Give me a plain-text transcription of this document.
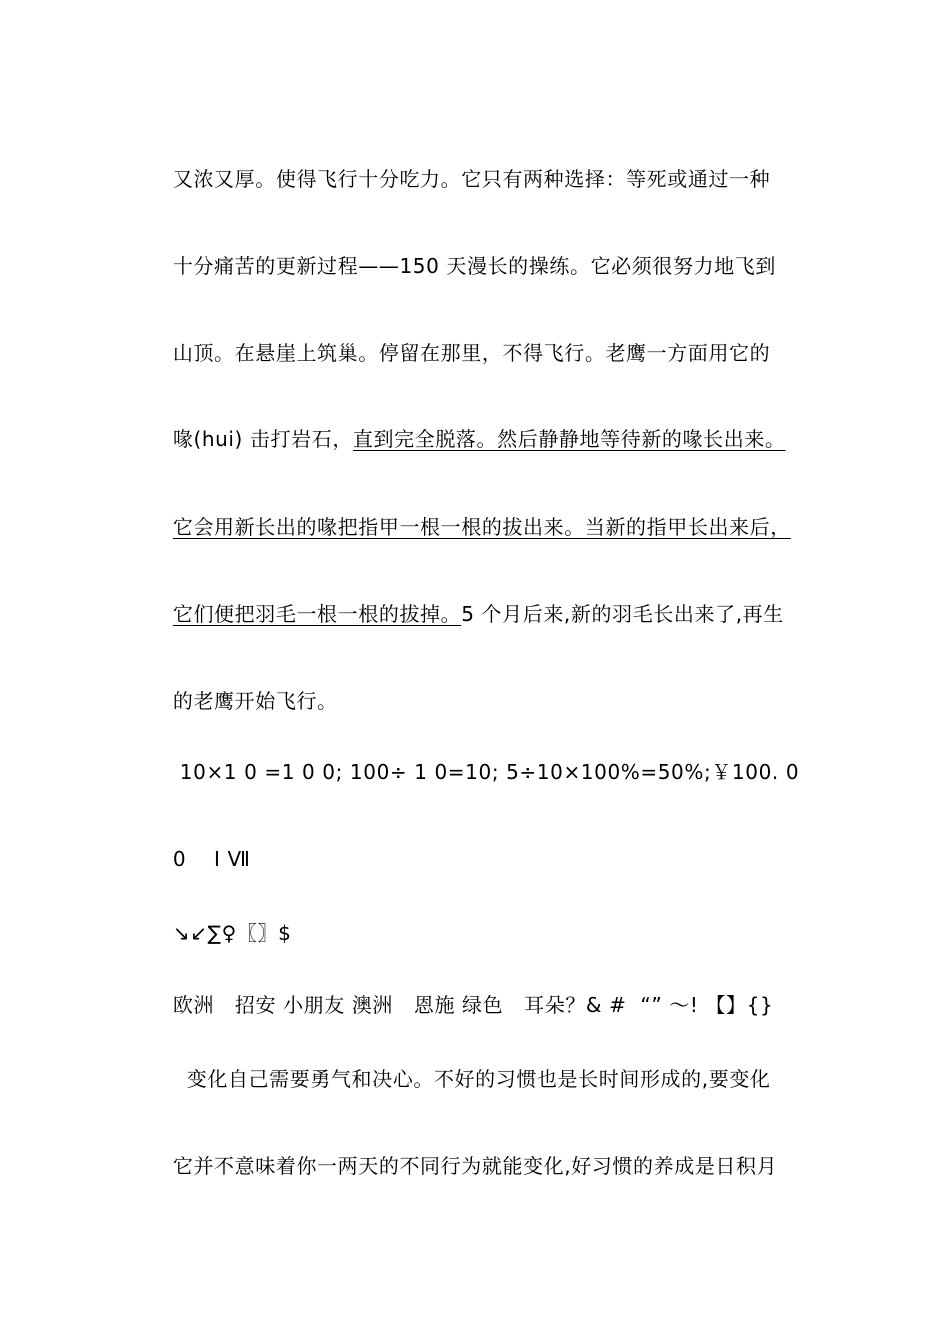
又浓又厚。使得飞行十分吃力。它只有两种选择：等死或通过一种

十分痛苦的更新过程——150 天漫长的操练。它必须很努力地飞到

山顶。在悬崖上筑巢。停留在那里，不得飞行。老鹰一方面用它的

喙(hui) 击打岩石，直到完全脱落。然后静静地等待新的喙长出来。

它会用新长出的喙把指甲一根一根的拔出来。当新的指甲长出来后，

它们便把羽毛一根一根的拔掉。5 个月后来,新的羽毛长出来了,再生

的老鹰开始飞行。

10×1 0 =1 0 0; 100÷ 1 0=10; 5÷10×100%=50%;￥100. 0

0    Ⅰ Ⅶ

↘↙∑♀〖〗$

欧洲   招安 小朋友 澳洲   恩施 绿色   耳朵？& #  “” ～! 【】{}

变化自己需要勇气和决心。不好的习惯也是长时间形成的,要变化

它并不意味着你一两天的不同行为就能变化,好习惯的养成是日积月
